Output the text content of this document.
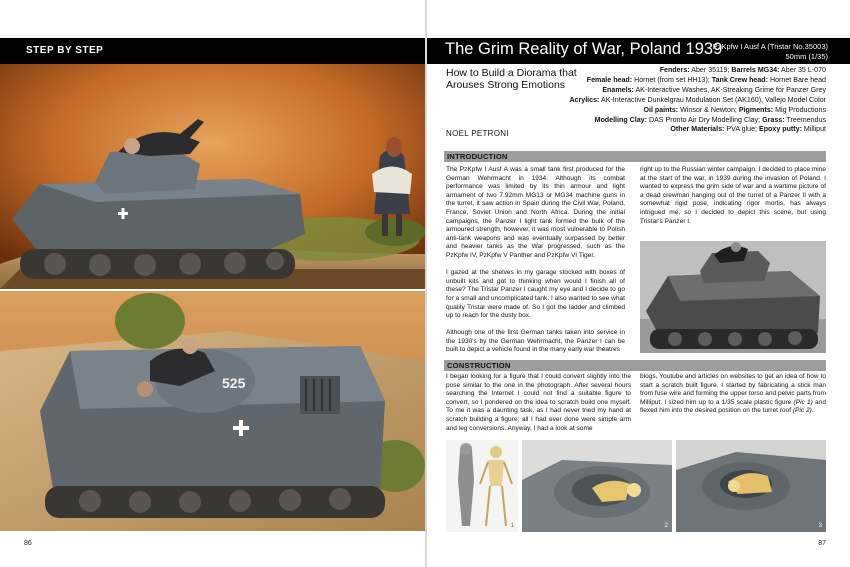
STEP BY STEP
525
86
The Grim Reality of War, Poland 1939
PzKpfw I Ausf A (Tristar No.35003)
50mm (1/35)
How to Build a Diorama that Arouses Strong Emotions
Fenders: Aber 35119; Barrels MG34: Aber 35 L-070
Female head: Hornet (from set HH13); Tank Crew head: Hornet Bare head
Enamels: AK-Interactive Washes, AK-Streaking Grime for Panzer Grey
Acrylics: AK-Interactive Dunkelgrau Modulation Set (AK160), Vallejo Model Color
Oil paints: Winsor & Newton; Pigments: Mig Productions
Modelling Clay: DAS Pronto Air Dry Modelling Clay; Grass: Treemendus
Other Materials: PVA glue; Epoxy putty: Milliput
NOEL PETRONI
INTRODUCTION

The PzKpfw I Ausf A was a small tank first produced for the German Wehrmacht in 1934. Although its combat performance was limited by its thin armour and light armament of two 7.92mm MG13 or MG34 machine guns in the turret, it saw action in Spain during the Civil War, Poland, France, Soviet Union and North Africa. During the initial campaigns, the Panzer I light tank formed the bulk of the armoured strength, however, it was most vulnerable to Polish anti-tank weapons and was eventually surpassed by better and heavier tanks as the War progressed, such as the PzKpfw IV, PzKpfw V Panther and PzKpfw VI Tiger.

I gazed at the shelves in my garage stocked with boxes of unbuilt kits and got to thinking when would I finish all of these? The Tristar Panzer I caught my eye and I decide to go for a small and uncomplicated tank. I also wanted to see what quality Tristar were made of. So I got the ladder and climbed up to reach for the dusty box.

Although one of the first German tanks taken into service in the 1930's by the German Wehrmacht, the Panzer I can be built to depict a vehicle found in the many early war theatres

right up to the Russian winter campaign. I decided to place mine at the start of the war, in 1939 during the invasion of Poland. I wanted to express the grim side of war and a wartime picture of a dead crewman hanging out of the turret of a Panzer II with a somewhat rigid pose, indicating rigor mortis, has always intrigued me, so I decided to depict this scene, but using Tristar's Panzer I.

CONSTRUCTION

I began looking for a figure that I could convert slightly into the pose similar to the one in the photograph. After several hours searching the Internet I could not find a suitable figure to convert, so I pondered on the idea to scratch build one myself. To me it was a daunting task, as I had never tried my hand at scratch building a figure; all I had ever done were simple arm and leg conversions. Anyway, I had a look at some

blogs, Youtube and articles on websites to get an idea of how to start a scratch built figure. I started by fabricating a stick man from fuse wire and forming the upper torso and pelvic parts from Milliput. I sized him up to a 1/35 scale plastic figure (Pic 1) and flexed him into the desired position on the turret roof (Pic 2).

1	2	3
87
